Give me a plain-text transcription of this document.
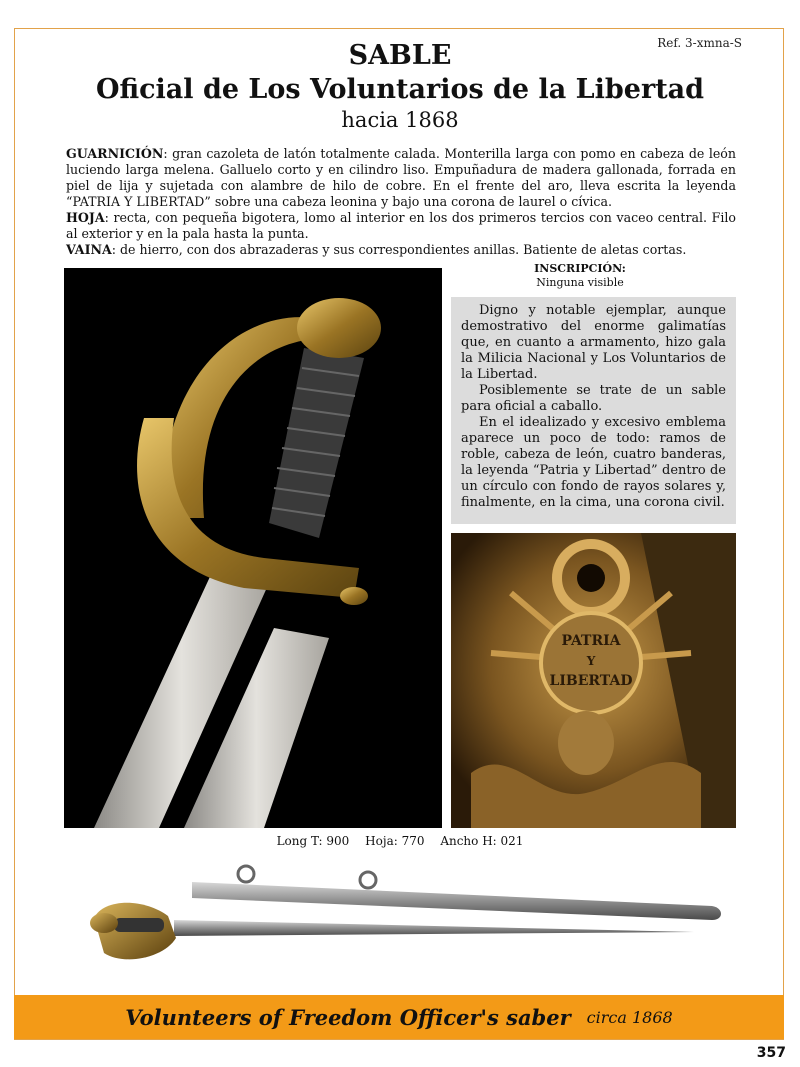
Ref. 3-xmna-S
SABLE
Oficial de Los Voluntarios de la Libertad
hacia 1868

GUARNICIÓN: gran cazoleta de latón totalmente calada. Monterilla larga con pomo en cabeza de león luciendo larga melena. Galluelo corto y en cilindro liso. Empuñadura de madera gallonada, forrada en piel de lija y sujetada con alambre de hilo de cobre. En el frente del aro, lleva escrita la leyenda “PATRIA Y LIBERTAD” sobre una cabeza leonina y bajo una corona de laurel o cívica.

HOJA: recta, con pequeña bigotera, lomo al interior en los dos primeros tercios con vaceo central. Filo al exterior y en la pala hasta la punta.

VAINA: de hierro, con dos abrazaderas y sus correspondientes anillas. Batiente de aletas cortas.

INSCRIPCIÓN:
Ninguna visible

Digno y notable ejemplar, aunque demostrativo del enorme galimatías que, en cuanto a armamento, hizo gala la Milicia Nacional y Los Voluntarios de la Libertad.

Posiblemente se trate de un sable para oficial a caballo.

En el idealizado y excesivo emblema aparece un poco de todo: ramos de roble, cabeza de león, cuatro banderas, la leyenda “Patria y Libertad” dentro de un círculo con fondo de rayos solares y, finalmente, en la cima, una corona civil.

PATRIA
Y
LIBERTAD
Long T: 900 Hoja: 770 Ancho H: 021
Volunteers of Freedom Officer's saber circa 1868
357
